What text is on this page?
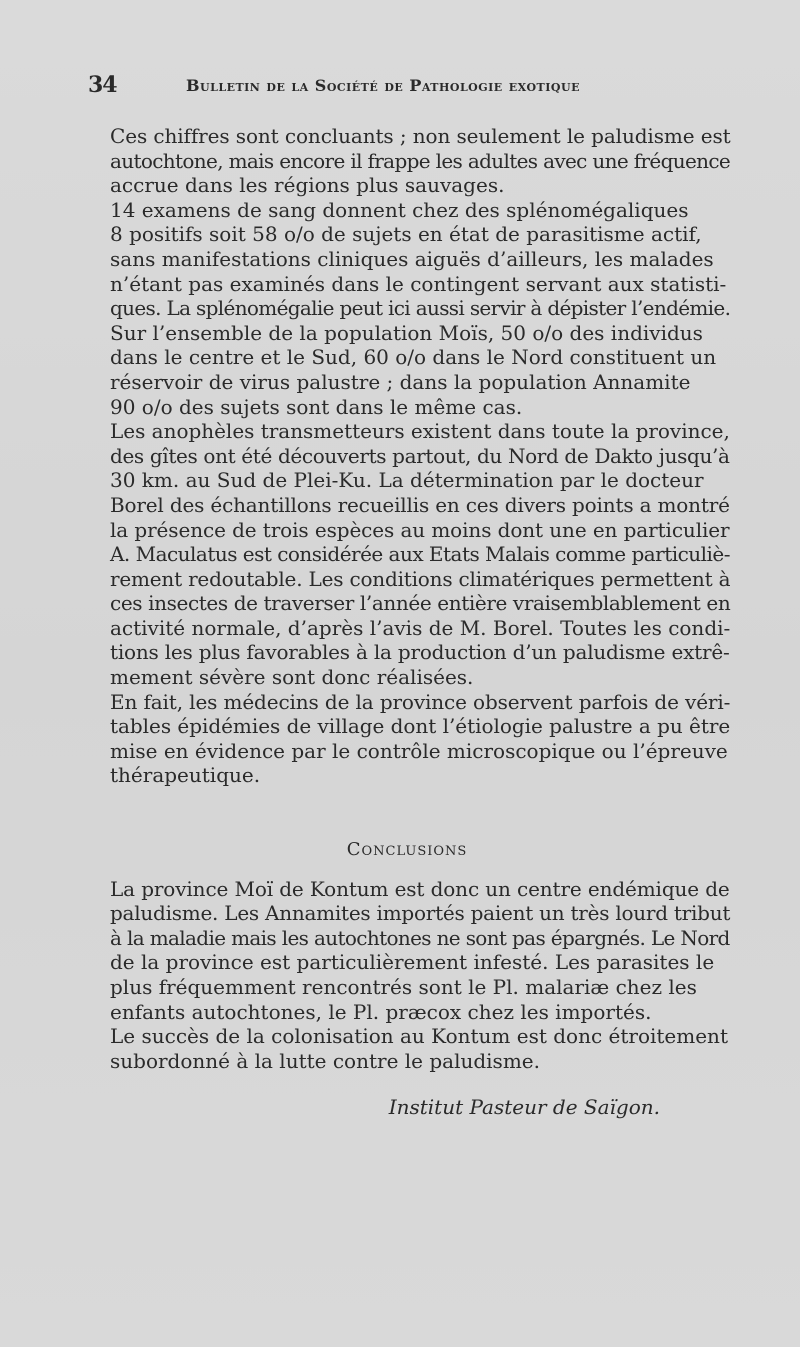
34	Bulletin de la Société de Pathologie exotique

Ces chiffres sont concluants ; non seulement le paludisme est
autochtone, mais encore il frappe les adultes avec une fréquence
accrue dans les régions plus sauvages.

14 examens de sang donnent chez des splénomégaliques
8 positifs soit 58 o/o de sujets en état de parasitisme actif,
sans manifestations cliniques aiguës d’ailleurs, les malades
n’étant pas examinés dans le contingent servant aux statisti-
ques. La splénomégalie peut ici aussi servir à dépister l’endémie.

Sur l’ensemble de la population Moïs, 50 o/o des individus
dans le centre et le Sud, 60 o/o dans le Nord constituent un
réservoir de virus palustre ; dans la population Annamite
90 o/o des sujets sont dans le même cas.

Les anophèles transmetteurs existent dans toute la province,
des gîtes ont été découverts partout, du Nord de Dakto jusqu’à
30 km. au Sud de Plei-Ku. La détermination par le docteur
Borel des échantillons recueillis en ces divers points a montré
la présence de trois espèces au moins dont une en particulier
A. Maculatus est considérée aux Etats Malais comme particuliè-
rement redoutable. Les conditions climatériques permettent à
ces insectes de traverser l’année entière vraisemblablement en
activité normale, d’après l’avis de M. Borel. Toutes les condi-
tions les plus favorables à la production d’un paludisme extrê-
mement sévère sont donc réalisées.

En fait, les médecins de la province observent parfois de véri-
tables épidémies de village dont l’étiologie palustre a pu être
mise en évidence par le contrôle microscopique ou l’épreuve
thérapeutique.

Conclusions

La province Moï de Kontum est donc un centre endémique de
paludisme. Les Annamites importés paient un très lourd tribut
à la maladie mais les autochtones ne sont pas épargnés. Le Nord
de la province est particulièrement infesté. Les parasites le
plus fréquemment rencontrés sont le Pl. malariæ chez les
enfants autochtones, le Pl. præcox chez les importés.

Le succès de la colonisation au Kontum est donc étroitement
subordonné à la lutte contre le paludisme.

Institut Pasteur de Saïgon.
